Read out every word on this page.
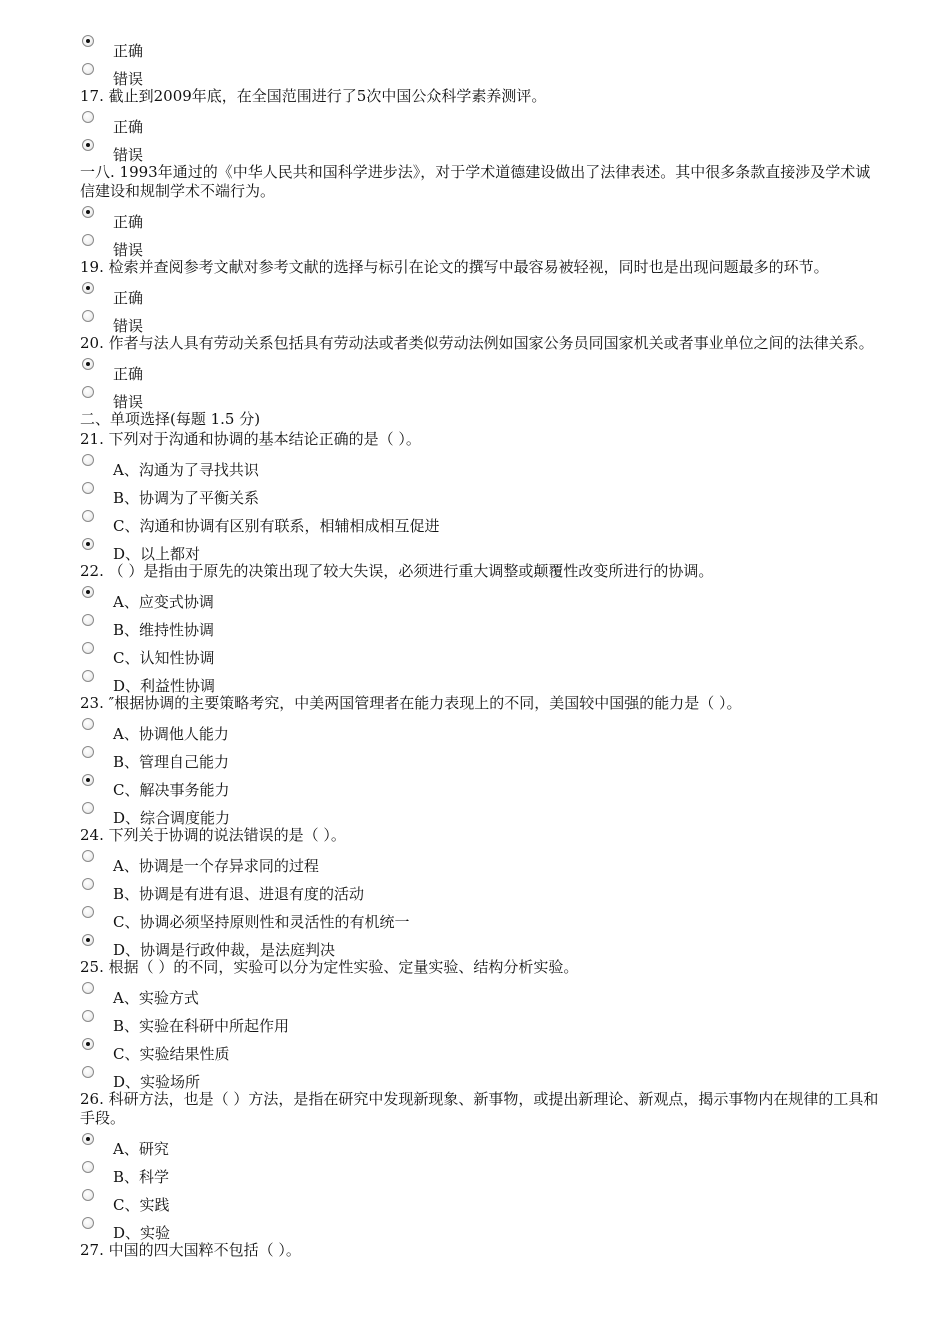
正确
错误
17. 截止到2009年底，在全国范围进行了5次中国公众科学素养测评。
正确
错误
一八. 1993年通过的《中华人民共和国科学进步法》，对于学术道德建设做出了法律表述。其中很多条款直接涉及学术诚信建设和规制学术不端行为。
正确
错误
19. 检索并查阅参考文献对参考文献的选择与标引在论文的撰写中最容易被轻视，同时也是出现问题最多的环节。
正确
错误
20. 作者与法人具有劳动关系包括具有劳动法或者类似劳动法例如国家公务员同国家机关或者事业单位之间的法律关系。
正确
错误
二、单项选择(每题 1.5 分)
21. 下列对于沟通和协调的基本结论正确的是（ ）。
A、沟通为了寻找共识
B、协调为了平衡关系
C、沟通和协调有区别有联系，相辅相成相互促进
D、以上都对
22. （ ）是指由于原先的决策出现了较大失误，必须进行重大调整或颠覆性改变所进行的协调。
A、应变式协调
B、维持性协调
C、认知性协调
D、利益性协调
23. ″根据协调的主要策略考究，中美两国管理者在能力表现上的不同，美国较中国强的能力是（ ）。
A、协调他人能力
B、管理自己能力
C、解决事务能力
D、综合调度能力
24. 下列关于协调的说法错误的是（ ）。
A、协调是一个存异求同的过程
B、协调是有进有退、进退有度的活动
C、协调必须坚持原则性和灵活性的有机统一
D、协调是行政仲裁，是法庭判决
25. 根据（ ）的不同，实验可以分为定性实验、定量实验、结构分析实验。
A、实验方式
B、实验在科研中所起作用
C、实验结果性质
D、实验场所
26. 科研方法，也是（ ）方法，是指在研究中发现新现象、新事物，或提出新理论、新观点，揭示事物内在规律的工具和手段。
A、研究
B、科学
C、实践
D、实验
27. 中国的四大国粹不包括（ ）。
